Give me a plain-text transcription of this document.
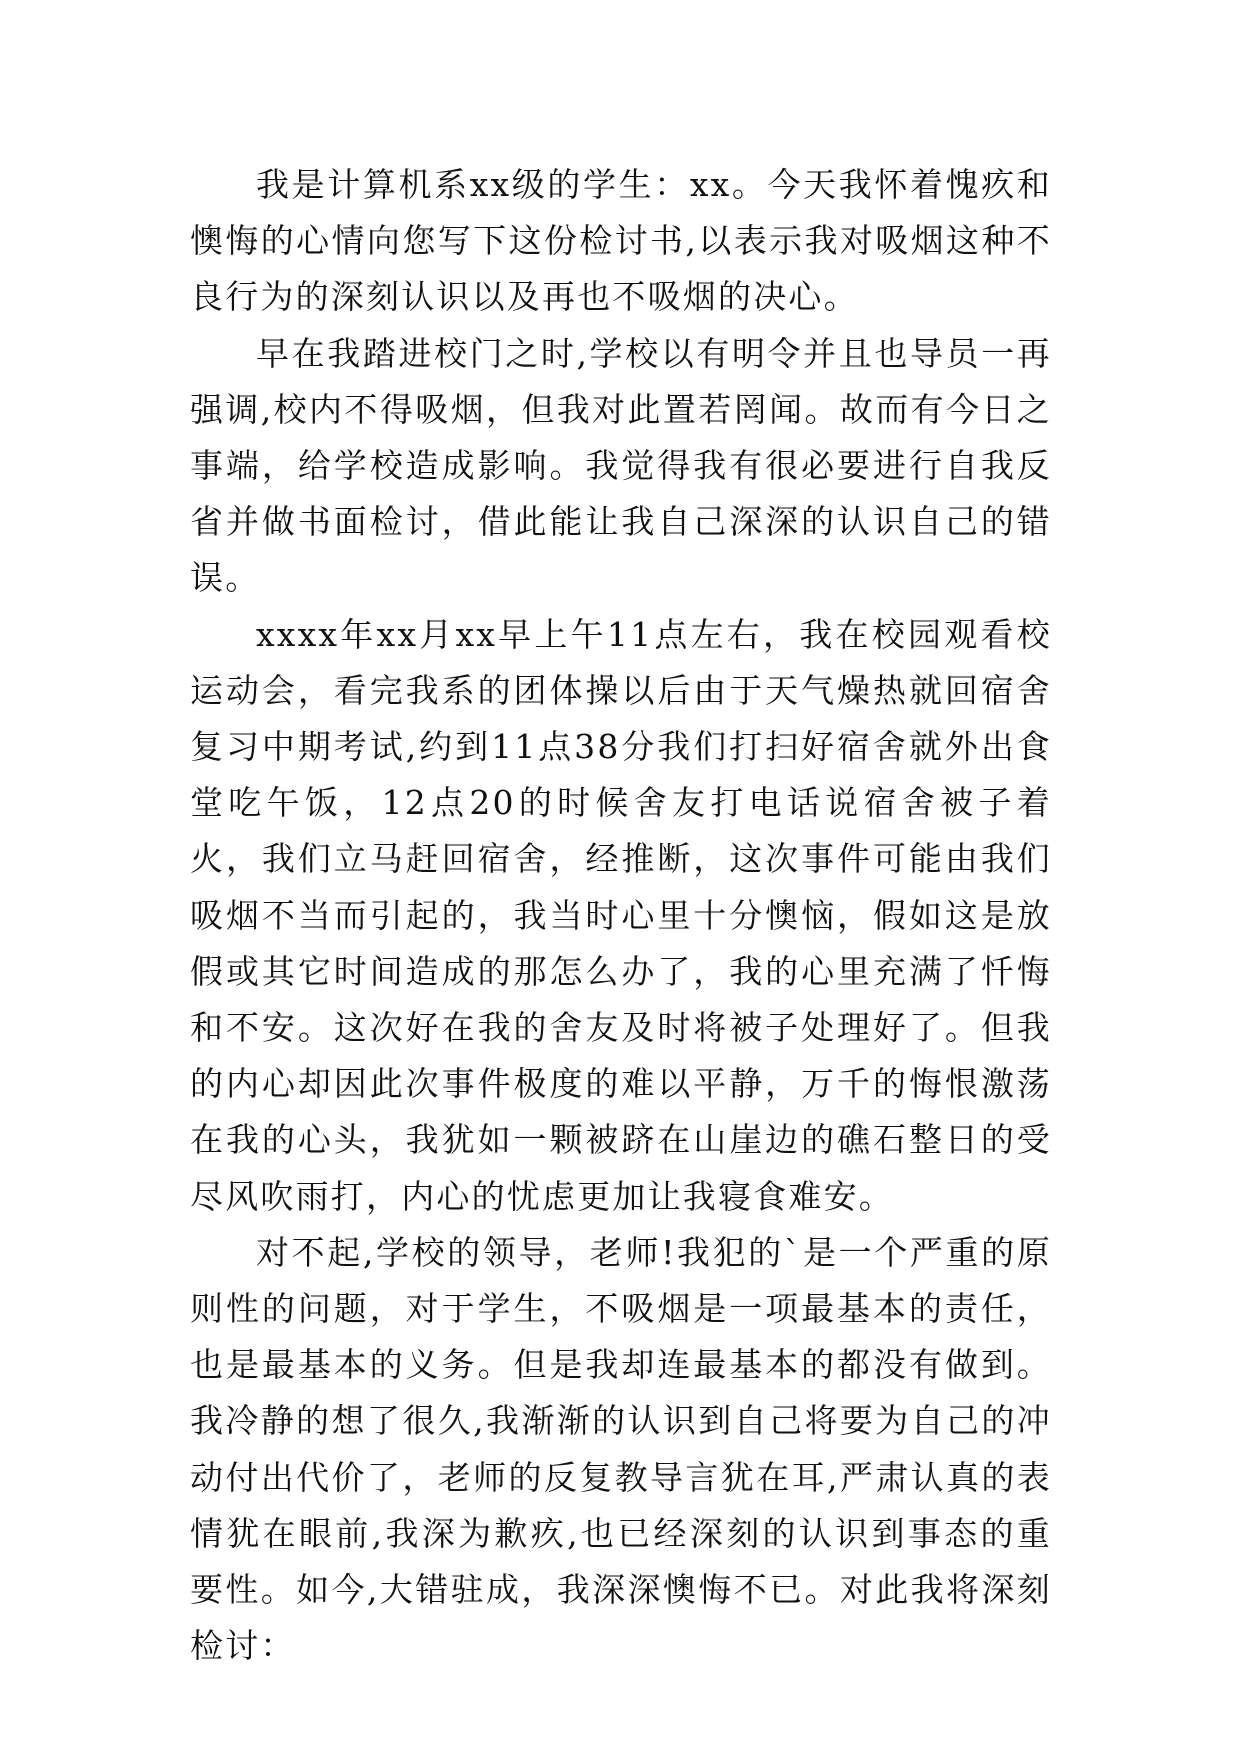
我是计算机系xx级的学生：xx。今天我怀着愧疚和懊悔的心情向您写下这份检讨书,以表示我对吸烟这种不良行为的深刻认识以及再也不吸烟的决心。

早在我踏进校门之时,学校以有明令并且也导员一再强调,校内不得吸烟，但我对此置若罔闻。故而有今日之事端，给学校造成影响。我觉得我有很必要进行自我反省并做书面检讨，借此能让我自己深深的认识自己的错误。

xxxx年xx月xx早上午11点左右，我在校园观看校运动会，看完我系的团体操以后由于天气燥热就回宿舍复习中期考试,约到11点38分我们打扫好宿舍就外出食堂吃午饭，12点20的时候舍友打电话说宿舍被子着火，我们立马赶回宿舍，经推断，这次事件可能由我们吸烟不当而引起的，我当时心里十分懊恼，假如这是放假或其它时间造成的那怎么办了，我的心里充满了忏悔和不安。这次好在我的舍友及时将被子处理好了。但我的内心却因此次事件极度的难以平静，万千的悔恨激荡在我的心头，我犹如一颗被跻在山崖边的礁石整日的受尽风吹雨打，内心的忧虑更加让我寝食难安。

对不起,学校的领导，老师!我犯的`是一个严重的原则性的问题，对于学生，不吸烟是一项最基本的责任，也是最基本的义务。但是我却连最基本的都没有做到。我冷静的想了很久,我渐渐的认识到自己将要为自己的冲动付出代价了，老师的反复教导言犹在耳,严肃认真的表情犹在眼前,我深为歉疚,也已经深刻的认识到事态的重要性。如今,大错驻成，我深深懊悔不已。对此我将深刻检讨：
